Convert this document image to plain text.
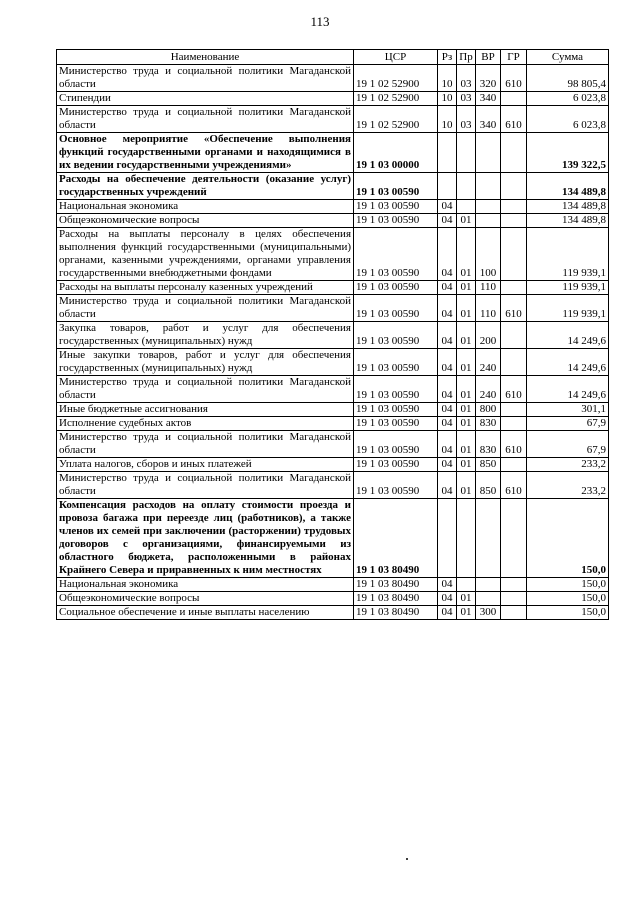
113
Наименование	ЦСР	Рз	Пр	ВР	ГР	Сумма
Министерство труда и социальной политики Магаданской области	19 1 02 52900	10	03	320	610	98 805,4
Стипендии	19 1 02 52900	10	03	340		6 023,8
Министерство труда и социальной политики Магаданской области	19 1 02 52900	10	03	340	610	6 023,8
Основное мероприятие «Обеспечение выполнения функций государственными органами и находящимися в их ведении государственными учреждениями»	19 1 03 00000					139 322,5
Расходы на обеспечение деятельности (оказание услуг) государственных учреждений	19 1 03 00590					134 489,8
Национальная экономика	19 1 03 00590	04				134 489,8
Общеэкономические вопросы	19 1 03 00590	04	01			134 489,8
Расходы на выплаты персоналу в целях обеспечения выполнения функций государственными (муниципальными) органами, казенными учреждениями, органами управления государственными внебюджетными фондами	19 1 03 00590	04	01	100		119 939,1
Расходы на выплаты персоналу казенных учреждений	19 1 03 00590	04	01	110		119 939,1
Министерство труда и социальной политики Магаданской области	19 1 03 00590	04	01	110	610	119 939,1
Закупка товаров, работ и услуг для обеспечения государственных (муниципальных) нужд	19 1 03 00590	04	01	200		14 249,6
Иные закупки товаров, работ и услуг для обеспечения государственных (муниципальных) нужд	19 1 03 00590	04	01	240		14 249,6
Министерство труда и социальной политики Магаданской области	19 1 03 00590	04	01	240	610	14 249,6
Иные бюджетные ассигнования	19 1 03 00590	04	01	800		301,1
Исполнение судебных актов	19 1 03 00590	04	01	830		67,9
Министерство труда и социальной политики Магаданской области	19 1 03 00590	04	01	830	610	67,9
Уплата налогов, сборов и иных платежей	19 1 03 00590	04	01	850		233,2
Министерство труда и социальной политики Магаданской области	19 1 03 00590	04	01	850	610	233,2
Компенсация расходов на оплату стоимости проезда и провоза багажа при переезде лиц (работников), а также членов их семей при заключении (расторжении) трудовых договоров с организациями, финансируемыми из областного бюджета, расположенными в районах Крайнего Севера и приравненных к ним местностях	19 1 03 80490					150,0
Национальная экономика	19 1 03 80490	04				150,0
Общеэкономические вопросы	19 1 03 80490	04	01			150,0
Социальное обеспечение и иные выплаты населению	19 1 03 80490	04	01	300		150,0
